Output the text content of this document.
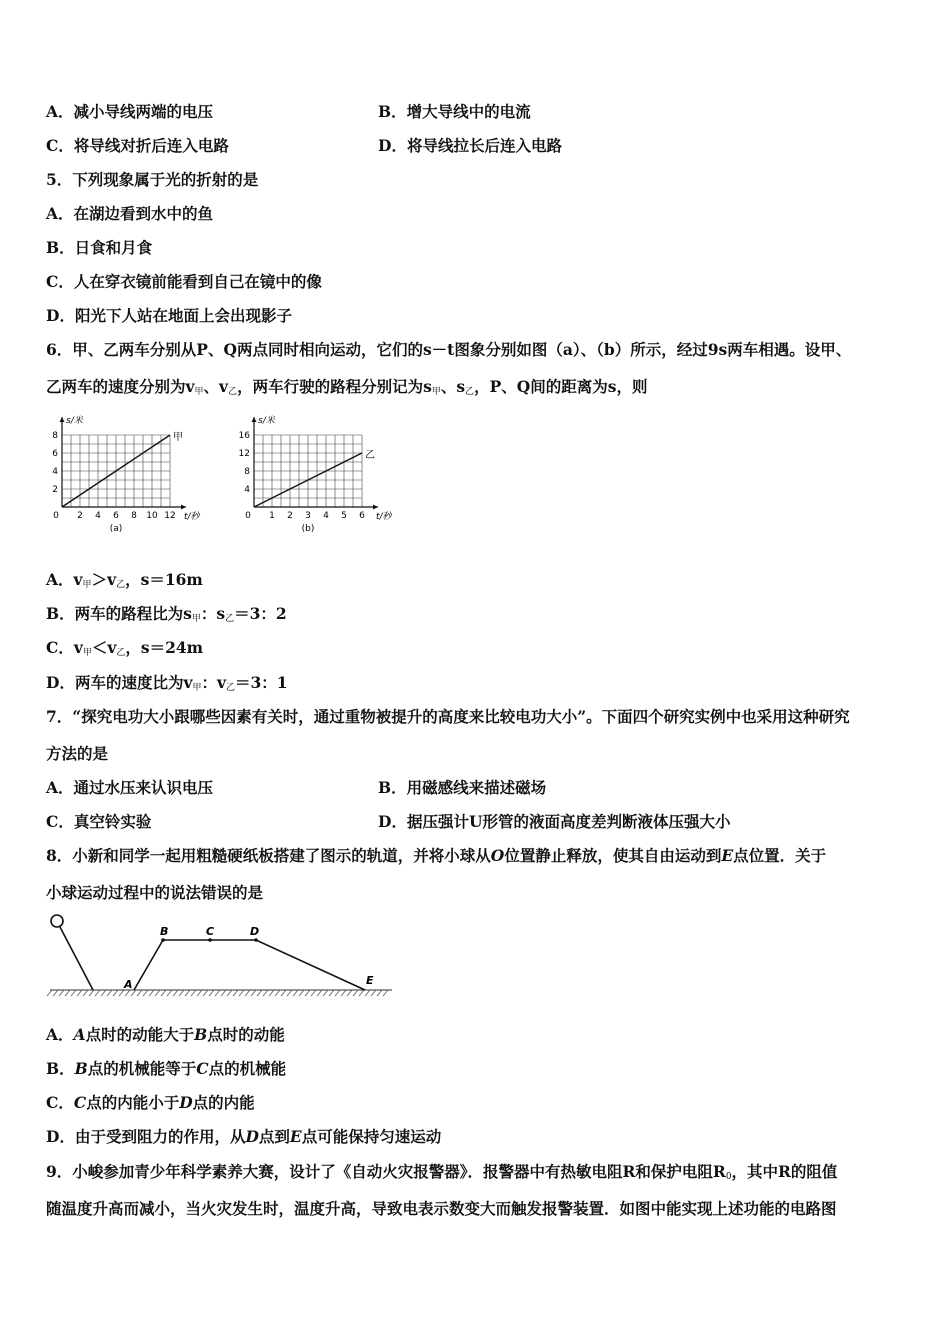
A．减小导线两端的电压	B．增大导线中的电流
C．将导线对折后连入电路	D．将导线拉长后连入电路
5．下列现象属于光的折射的是
A．在湖边看到水中的鱼
B．日食和月食
C．人在穿衣镜前能看到自己在镜中的像
D．阳光下人站在地面上会出现影子
6．甲、乙两车分别从P、Q两点同时相向运动，它们的s－t图象分别如图（a）、（b）所示，经过9s两车相遇。设甲、
乙两车的速度分别为$v_甲$、$v_乙$，两车行驶的路程分别记为$s_甲$、$s_乙$，P、Q间的距离为s，则
0 2 4 6 8 10 12
2
4
6
8
s/米
t/秒
甲
(a)
0 1 2 3 4 5 6
4
8
12
16
s/米
t/秒
乙
(b)
A．$v_甲>v_乙$，s＝16m
B．两车的路程比为$s_甲$：$s_乙=3$：2
C．$v_甲<v_乙$，s＝24m
D．两车的速度比为$v_甲$：$v_乙=3$：1
7．“探究电功大小跟哪些因素有关时，通过重物被提升的高度来比较电功大小”。下面四个研究实例中也采用这种研究
方法的是
A．通过水压来认识电压	B．用磁感线来描述磁场
C．真空铃实验	D．据压强计U形管的液面高度差判断液体压强大小
8．小新和同学一起用粗糙硬纸板搭建了图示的轨道，并将小球从O位置静止释放，使其自由运动到E点位置．关于
小球运动过程中的说法错误的是
A
B	C	D
E
A．A点时的动能大于B点时的动能
B．B点的机械能等于C点的机械能
C．C点的内能小于D点的内能
D．由于受到阻力的作用，从D点到E点可能保持匀速运动
9．小峻参加青少年科学素养大赛，设计了《自动火灾报警器》．报警器中有热敏电阻R和保护电阻$R_0$，其中R的阻值
随温度升高而减小，当火灾发生时，温度升高，导致电表示数变大而触发报警装置．如图中能实现上述功能的电路图
